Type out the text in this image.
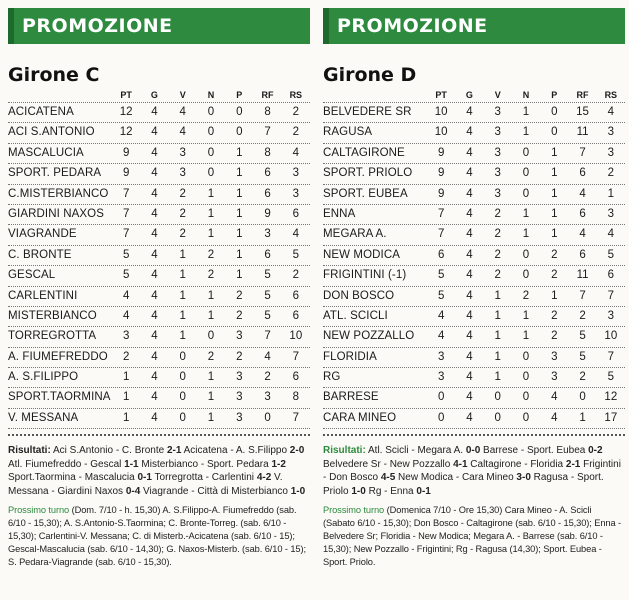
PROMOZIONE
Girone C
PT	G	V	N	P	RF	RS
ACICATENA	12	4	4	0	0	8	2
ACI S.ANTONIO	12	4	4	0	0	7	2
MASCALUCIA	9	4	3	0	1	8	4
SPORT. PEDARA	9	4	3	0	1	6	3
C.MISTERBIANCO	7	4	2	1	1	6	3
GIARDINI NAXOS	7	4	2	1	1	9	6
VIAGRANDE	7	4	2	1	1	3	4
C. BRONTE	5	4	1	2	1	6	5
GESCAL	5	4	1	2	1	5	2
CARLENTINI	4	4	1	1	2	5	6
MISTERBIANCO	4	4	1	1	2	5	6
TORREGROTTA	3	4	1	0	3	7	10
A. FIUMEFREDDO	2	4	0	2	2	4	7
A. S.FILIPPO	1	4	0	1	3	2	6
SPORT.TAORMINA	1	4	0	1	3	3	8
V. MESSANA	1	4	0	1	3	0	7

Risultati: Aci S.Antonio - C. Bronte 2-1 Acicatena - A. S.Filippo 2-0 Atl. Fiumefreddo - Gescal 1-1 Misterbianco - Sport. Pedara 1-2 Sport.Taormina - Mascalucia 0-1 Torregrotta - Carlentini 4-2 V. Messana - Giardini Naxos 0-4 Viagrande - Città di Misterbianco 1-0

Prossimo turno (Dom. 7/10 - h. 15,30) A. S.Filippo-A. Fiumefreddo (sab. 6/10 - 15,30); A. S.Antonio-S.Taormina; C. Bronte-Torreg. (sab. 6/10 - 15,30); Carlentini-V. Messana; C. di Misterb.-Acicatena (sab. 6/10 - 15); Gescal-Mascalucia (sab. 6/10 - 14,30); G. Naxos-Misterb. (sab. 6/10 - 15); S. Pedara-Viagrande (sab. 6/10 - 15,30).

PROMOZIONE
Girone D
PT	G	V	N	P	RF	RS
BELVEDERE SR	10	4	3	1	0	15	4
RAGUSA	10	4	3	1	0	11	3
CALTAGIRONE	9	4	3	0	1	7	3
SPORT. PRIOLO	9	4	3	0	1	6	2
SPORT. EUBEA	9	4	3	0	1	4	1
ENNA	7	4	2	1	1	6	3
MEGARA A.	7	4	2	1	1	4	4
NEW MODICA	6	4	2	0	2	6	5
FRIGINTINI (-1)	5	4	2	0	2	11	6
DON BOSCO	5	4	1	2	1	7	7
ATL. SCICLI	4	4	1	1	2	2	3
NEW POZZALLO	4	4	1	1	2	5	10
FLORIDIA	3	4	1	0	3	5	7
RG	3	4	1	0	3	2	5
BARRESE	0	4	0	0	4	0	12
CARA MINEO	0	4	0	0	4	1	17

Risultati: Atl. Scicli - Megara A. 0-0 Barrese - Sport. Eubea 0-2 Belvedere Sr - New Pozzallo 4-1 Caltagirone - Floridia 2-1 Frigintini - Don Bosco 4-5 New Modica - Cara Mineo 3-0 Ragusa - Sport. Priolo 1-0 Rg - Enna 0-1

Prossimo turno (Domenica 7/10 - Ore 15,30) Cara Mineo - A. Scicli (Sabato 6/10 - 15,30); Don Bosco - Caltagirone (sab. 6/10 - 15,30); Enna - Belvedere Sr; Floridia - New Modica; Megara A. - Barrese (sab. 6/10 - 15,30); New Pozzallo - Frigintini; Rg - Ragusa (14,30); Sport. Eubea - Sport. Priolo.
